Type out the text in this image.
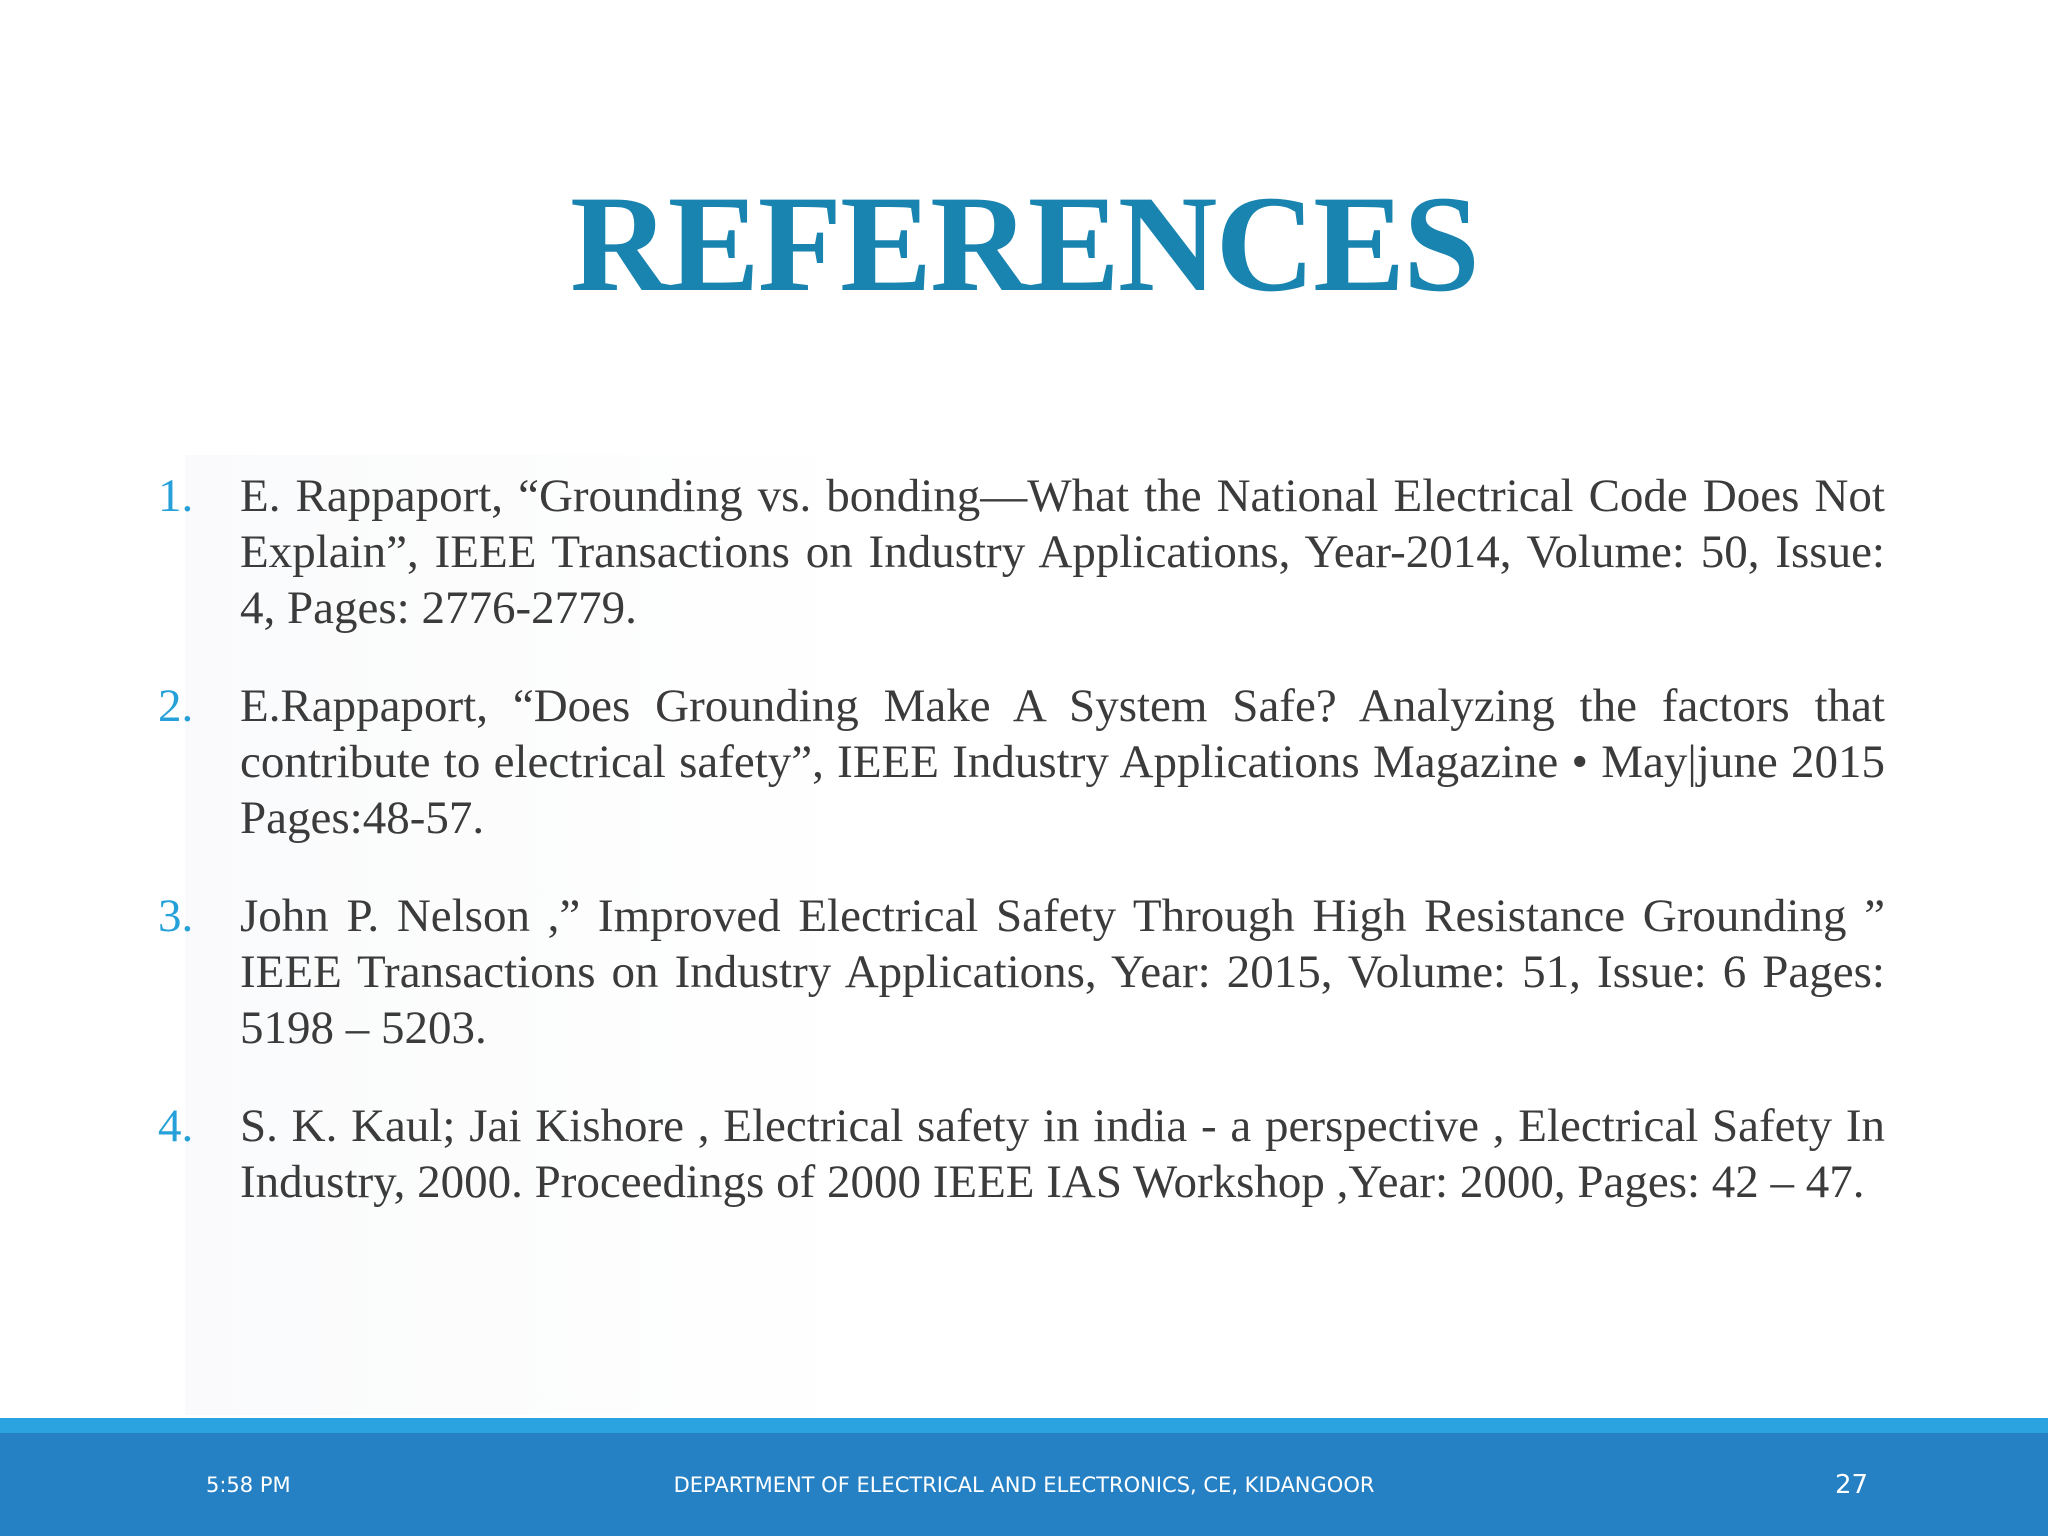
REFERENCES
1. E. Rappaport, “Grounding vs. bonding—What the National Electrical Code Does Not Explain”, IEEE Transactions on Industry Applications, Year-2014, Volume: 50, Issue: 4, Pages: 2776-2779.
2. E.Rappaport, “Does Grounding Make A System Safe? Analyzing the factors that contribute to electrical safety”, IEEE Industry Applications Magazine • May|june 2015 Pages:48-57.
3. John P. Nelson ,” Improved Electrical Safety Through High Resistance Grounding ” IEEE Transactions on Industry Applications, Year: 2015, Volume: 51, Issue: 6 Pages: 5198 – 5203.
4. S. K. Kaul; Jai Kishore , Electrical safety in india - a perspective , Electrical Safety In Industry, 2000. Proceedings of 2000 IEEE IAS Workshop ,Year: 2000, Pages: 42 – 47.
5:58 PM	DEPARTMENT OF ELECTRICAL AND ELECTRONICS, CE, KIDANGOOR	27
